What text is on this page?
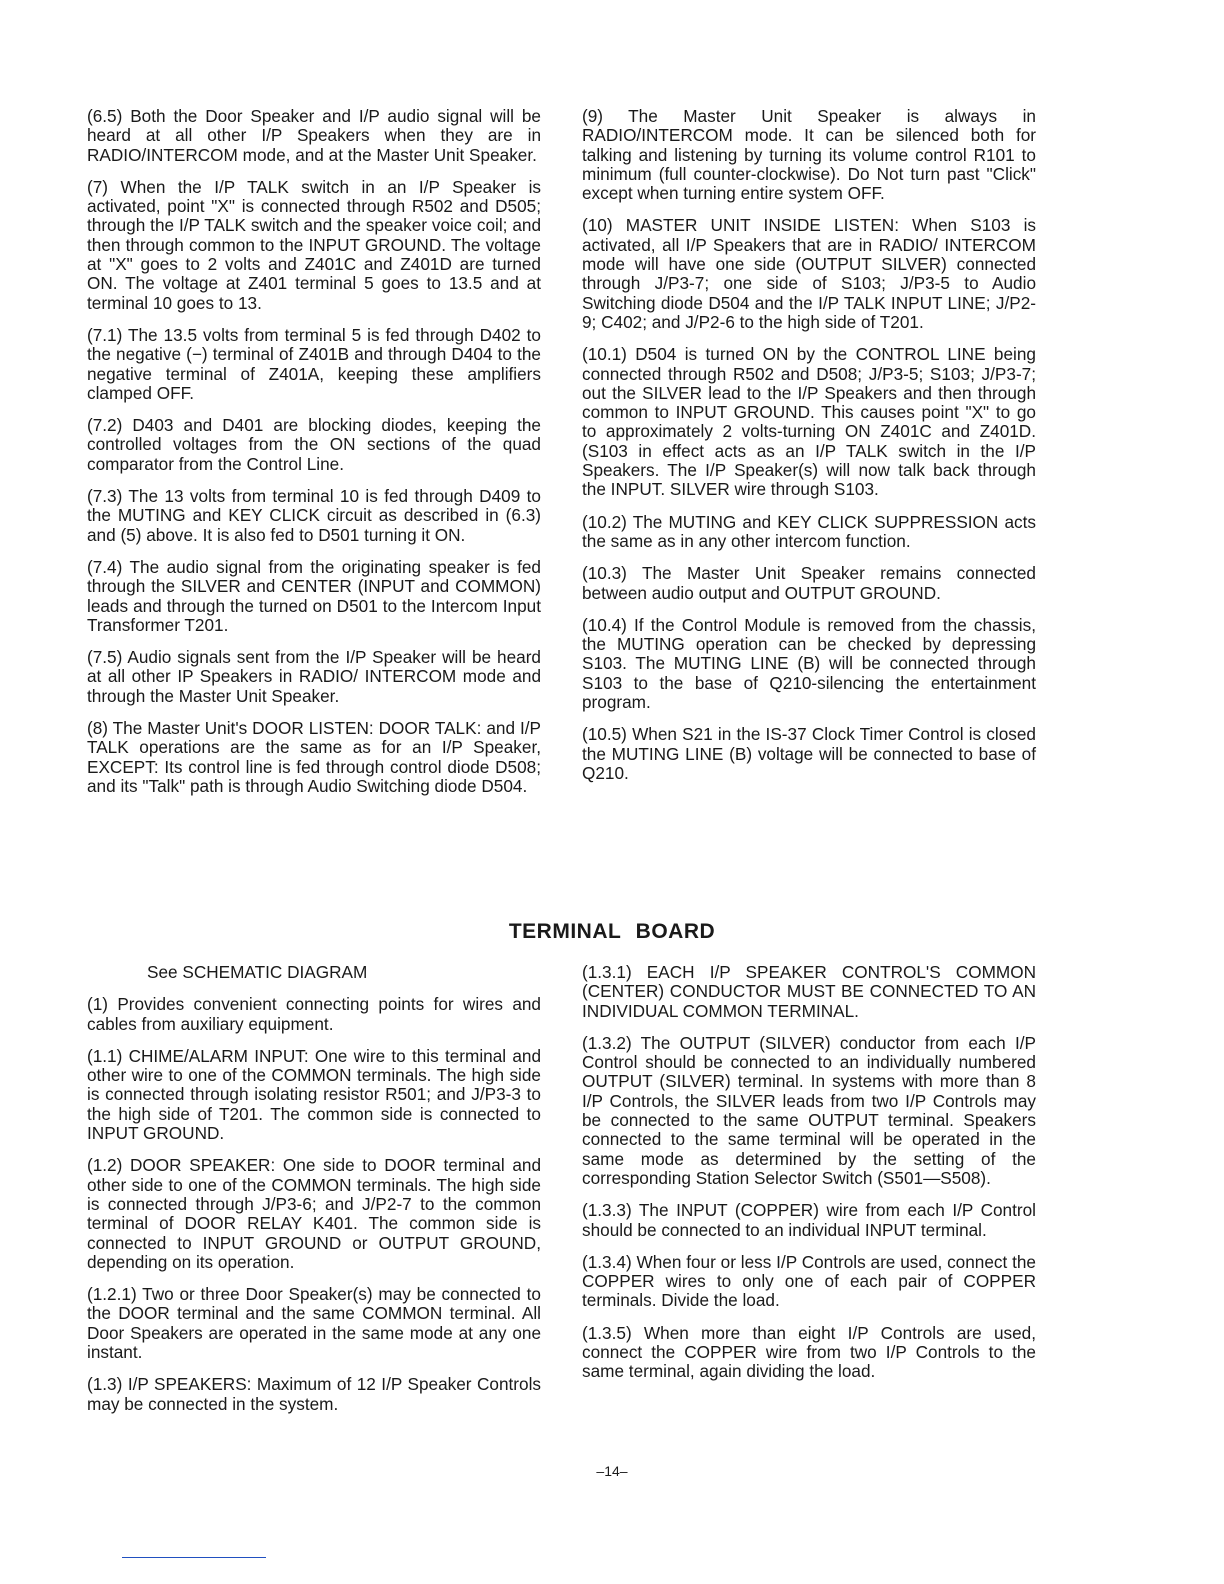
(6.5) Both the Door Speaker and I/P audio signal will be heard at all other I/P Speakers when they are in RADIO/INTERCOM mode, and at the Master Unit Speaker.

(7) When the I/P TALK switch in an I/P Speaker is activated, point "X" is connected through R502 and D505; through the I/P TALK switch and the speaker voice coil; and then through common to the INPUT GROUND. The voltage at "X" goes to 2 volts and Z401C and Z401D are turned ON. The voltage at Z401 terminal 5 goes to 13.5 and at terminal 10 goes to 13.

(7.1) The 13.5 volts from terminal 5 is fed through D402 to the negative (−) terminal of Z401B and through D404 to the negative terminal of Z401A, keeping these amplifiers clamped OFF.

(7.2) D403 and D401 are blocking diodes, keeping the controlled voltages from the ON sections of the quad comparator from the Control Line.

(7.3) The 13 volts from terminal 10 is fed through D409 to the MUTING and KEY CLICK circuit as described in (6.3) and (5) above. It is also fed to D501 turning it ON.

(7.4) The audio signal from the originating speaker is fed through the SILVER and CENTER (INPUT and COMMON) leads and through the turned on D501 to the Intercom Input Transformer T201.

(7.5) Audio signals sent from the I/P Speaker will be heard at all other IP Speakers in RADIO/ INTERCOM mode and through the Master Unit Speaker.

(8) The Master Unit's DOOR LISTEN: DOOR TALK: and I/P TALK operations are the same as for an I/P Speaker, EXCEPT: Its control line is fed through control diode D508; and its "Talk" path is through Audio Switching diode D504.

(9) The Master Unit Speaker is always in RADIO/INTERCOM mode. It can be silenced both for talking and listening by turning its volume control R101 to minimum (full counter-clockwise). Do Not turn past "Click" except when turning entire system OFF.

(10) MASTER UNIT INSIDE LISTEN: When S103 is activated, all I/P Speakers that are in RADIO/ INTERCOM mode will have one side (OUTPUT SILVER) connected through J/P3-7; one side of S103; J/P3-5 to Audio Switching diode D504 and the I/P TALK INPUT LINE; J/P2-9; C402; and J/P2-6 to the high side of T201.

(10.1) D504 is turned ON by the CONTROL LINE being connected through R502 and D508; J/P3-5; S103; J/P3-7; out the SILVER lead to the I/P Speakers and then through common to INPUT GROUND. This causes point "X" to go to approximately 2 volts-turning ON Z401C and Z401D. (S103 in effect acts as an I/P TALK switch in the I/P Speakers. The I/P Speaker(s) will now talk back through the INPUT. SILVER wire through S103.

(10.2) The MUTING and KEY CLICK SUPPRESSION acts the same as in any other intercom function.

(10.3) The Master Unit Speaker remains connected between audio output and OUTPUT GROUND.

(10.4) If the Control Module is removed from the chassis, the MUTING operation can be checked by depressing S103. The MUTING LINE (B) will be connected through S103 to the base of Q210-silencing the entertainment program.

(10.5) When S21 in the IS-37 Clock Timer Control is closed the MUTING LINE (B) voltage will be connected to base of Q210.

TERMINAL BOARD

See SCHEMATIC DIAGRAM

(1) Provides convenient connecting points for wires and cables from auxiliary equipment.

(1.1) CHIME/ALARM INPUT: One wire to this terminal and other wire to one of the COMMON terminals. The high side is connected through isolating resistor R501; and J/P3-3 to the high side of T201. The common side is connected to INPUT GROUND.

(1.2) DOOR SPEAKER: One side to DOOR terminal and other side to one of the COMMON terminals. The high side is connected through J/P3-6; and J/P2-7 to the common terminal of DOOR RELAY K401. The common side is connected to INPUT GROUND or OUTPUT GROUND, depending on its operation.

(1.2.1) Two or three Door Speaker(s) may be connected to the DOOR terminal and the same COMMON terminal. All Door Speakers are operated in the same mode at any one instant.

(1.3) I/P SPEAKERS: Maximum of 12 I/P Speaker Controls may be connected in the system.

(1.3.1) EACH I/P SPEAKER CONTROL'S COMMON (CENTER) CONDUCTOR MUST BE CONNECTED TO AN INDIVIDUAL COMMON TERMINAL.

(1.3.2) The OUTPUT (SILVER) conductor from each I/P Control should be connected to an individually numbered OUTPUT (SILVER) terminal. In systems with more than 8 I/P Controls, the SILVER leads from two I/P Controls may be connected to the same OUTPUT terminal. Speakers connected to the same terminal will be operated in the same mode as determined by the setting of the corresponding Station Selector Switch (S501—S508).

(1.3.3) The INPUT (COPPER) wire from each I/P Control should be connected to an individual INPUT terminal.

(1.3.4) When four or less I/P Controls are used, connect the COPPER wires to only one of each pair of COPPER terminals. Divide the load.

(1.3.5) When more than eight I/P Controls are used, connect the COPPER wire from two I/P Controls to the same terminal, again dividing the load.

–14–
